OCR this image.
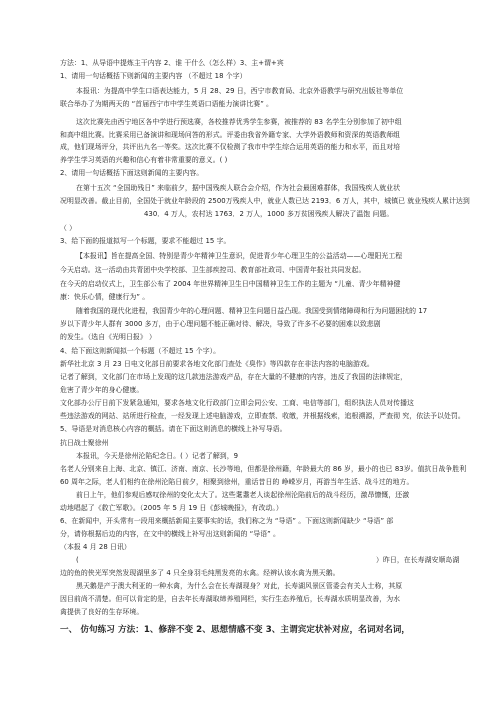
方法：1、从导语中提炼主干内容 2、谁 干什么（怎么样）3、主+谓+宾
1、请用一句话概括下则新闻的主要内容 （不超过 18 个字）
本报讯：为提高中学生口语表达能力，5 月 28、29 日，西宁市教育局、北京外语教学与研究出版社等单位
联合举办了为期两天的 “首届西宁市中学生英语口语能力演讲比赛” 。
这次比赛先由西宁地区各中学进行预选赛，各校推荐优秀学生参赛，被推荐的 83 名学生分别参加了初中组
和高中组比赛。比赛采用已备演讲和现场问答的形式。评委由我省外籍专家、大学外语教师和资深的英语教师组
成，他们现场评分，共评出九名一等奖。这次比赛不仅检测了我市中学生综合运用英语的能力和水平，而且对培
养学生学习英语的兴趣和信心有着非常重要的意义。( )
2、请用一句话概括下面这则新闻的主要内容。
在第十五次 “全国助残日” 来临前夕，据中国残疾人联合会介绍，作为社会最困难群体，我国残疾人就业状
况明显改善。截止目前，全国处于就业年龄段的 2500万残疾人中，就业人数已达 2193．6 万人，其中，城镇已 就业残疾人累计达到
430．4 万人，农村达 1763．2 万人，1000 多万贫困残疾人解决了温饱 问题。
（ ）
3、给下面的报道拟写一个标题，要求不能超过 15 字。
【本报讯】旨在提高全国、特别是青少年精神卫生意识，促进青少年心理卫生的公益活动——心理阳光工程
今天启动。这一活动由共青团中央学校部、卫生部疾控司、教育部社政司、中国青年报社共同发起。
在今天的启动仪式上，卫生部公布了 2004 年世界精神卫生日中国精神卫生工作的主题为 “儿童、青少年精神健
康：快乐心情，健康行为” 。
随着我国的现代化进程，我国青少年的心理问题、精神卫生问题日益凸现。我国受到情绪障碍和行为问题困扰的 17
岁以下青少年人群有 3000 多万，由于心理问题不能正确对待、解决，导致了许多不必要的困难以致悲剧
的发生。（选自《光明日报》 ）
4、给下面这则新闻拟一个标题（不超过 15 个字）。
新华社北京 3 月 23 日电文化部日前要求各地文化部门查处《臭作》等四款存在非法内容的电脑游戏。
记者了解到，文化部门在市场上发现的这几款违法游戏产品，存在大量的不健康的内容，违反了我国的法律规定，
危害了青少年的身心健康。
文化部办公厅日前下发紧急通知，要求各地文化行政部门立即会同公安、工商、电信等部门，组织执法人员对传播这
些违法游戏的网站、站所进行检查，一经发现上述电脑游戏，立即查禁、收缴，并根据线索，追根溯源，严查彻 究，依法予以处罚。
5、导语是对消息核心内容的概括。请在下面这则消息的横线上补写导语。
抗日战士聚徐州
本报讯，今天是徐州沦陷纪念日。( ）记者了解到，9
名老人分别来自上海、北京、镇江、济南、南京、长沙等地，但都是徐州籍，年龄最大的 86 岁，最小的也已 83岁。值抗日战争胜利
60 周年之际，老人们相约在徐州沦陷日前夕，相聚到徐州，重话昔日的 峥嵘岁月，再游当年生活、战斗过的地方。
前日上午，他们参观后感叹徐州的变化太大了。这些耄耋老人谈起徐州沦陷前后的战斗经历，激昂慷慨，还激
动地唱起了《救亡军歌》。（2005 年 5 月 19 日《彭城晚报》，有改动。）
6、在新闻中，开头常有一段用来概括新闻主要事实的话，我们称之为 “导语” 。下面这则新闻缺少 “导语” 部
分，请你根据后边的内容，在文中的横线上补写出这则新闻的 “导语” 。
（本报 4 月 28 日讯）
(	）昨日，在长寿湖安顺岛湖
边的鱼的侠光军突然发现湖里多了 4 只全身羽毛纯黑发亮的水禽。经辨认该水禽为黑天鹅。
黑天鹅是产于澳大利亚的一种水禽，为什么会在长寿湖现身？对此，长寿湖风景区管委会有关人士称，其原
因目前尚不清楚。但可以肯定的是，自去年长寿湖取缔养殖网栏，实行生态养殖后，长寿湖水质明显改善，为水
禽提供了良好的生存环境。
一、 仿句练习 方法：1、修辞不变 2、思想情感不变 3、主谓宾定状补对应，名词对名词，
